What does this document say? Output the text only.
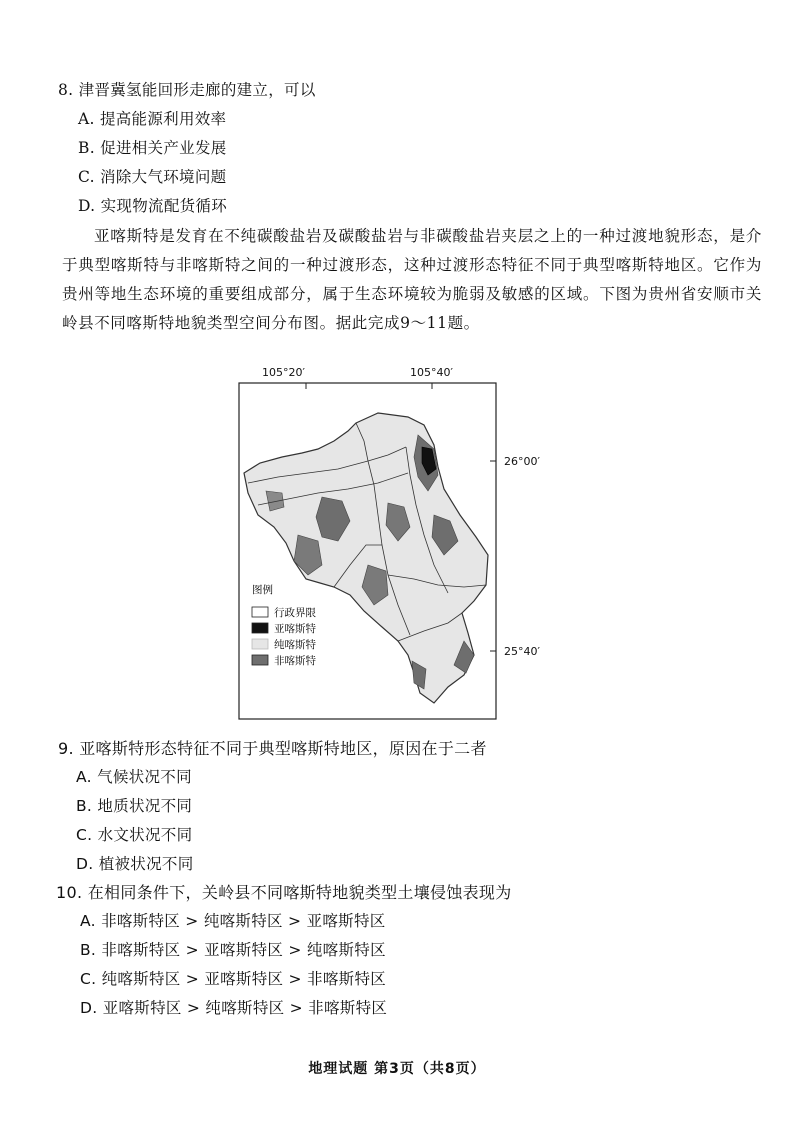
8. 津晋冀氢能回形走廊的建立，可以
A. 提高能源利用效率
B. 促进相关产业发展
C. 消除大气环境问题
D. 实现物流配货循环
亚喀斯特是发育在不纯碳酸盐岩及碳酸盐岩与非碳酸盐岩夹层之上的一种过渡地貌形态，是介于典型喀斯特与非喀斯特之间的一种过渡形态，这种过渡形态特征不同于典型喀斯特地区。它作为贵州等地生态环境的重要组成部分，属于生态环境较为脆弱及敏感的区域。下图为贵州省安顺市关岭县不同喀斯特地貌类型空间分布图。据此完成9～11题。
图例
行政界限
亚喀斯特
纯喀斯特
非喀斯特
105°20′	105°40′
26°00′
25°40′
9. 亚喀斯特形态特征不同于典型喀斯特地区，原因在于二者
A. 气候状况不同
B. 地质状况不同
C. 水文状况不同
D. 植被状况不同
10. 在相同条件下，关岭县不同喀斯特地貌类型土壤侵蚀表现为
A. 非喀斯特区 > 纯喀斯特区 > 亚喀斯特区
B. 非喀斯特区 > 亚喀斯特区 > 纯喀斯特区
C. 纯喀斯特区 > 亚喀斯特区 > 非喀斯特区
D. 亚喀斯特区 > 纯喀斯特区 > 非喀斯特区
地理试题 第3页（共8页）
